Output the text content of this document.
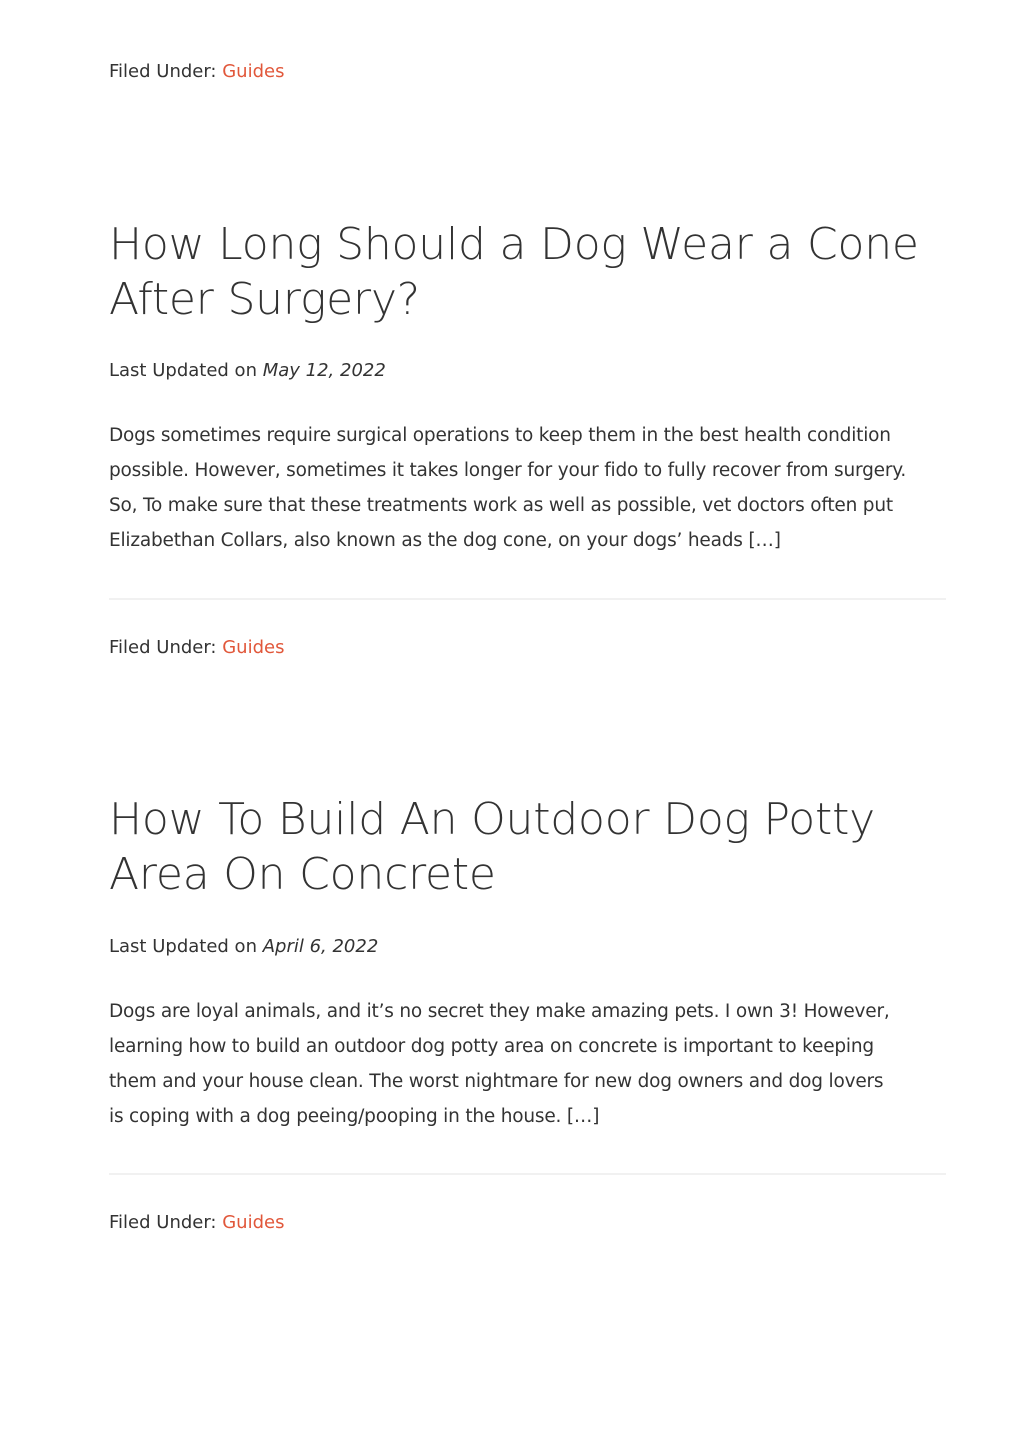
Filed Under: Guides
How Long Should a Dog Wear a Cone
After Surgery?
Last Updated on May 12, 2022

Dogs sometimes require surgical operations to keep them in the best health condition
possible. However, sometimes it takes longer for your fido to fully recover from surgery.
So, To make sure that these treatments work as well as possible, vet doctors often put
Elizabethan Collars, also known as the dog cone, on your dogs’ heads […]

Filed Under: Guides
How To Build An Outdoor Dog Potty
Area On Concrete
Last Updated on April 6, 2022

Dogs are loyal animals, and it’s no secret they make amazing pets. I own 3! However,
learning how to build an outdoor dog potty area on concrete is important to keeping
them and your house clean. The worst nightmare for new dog owners and dog lovers
is coping with a dog peeing/pooping in the house. […]

Filed Under: Guides
